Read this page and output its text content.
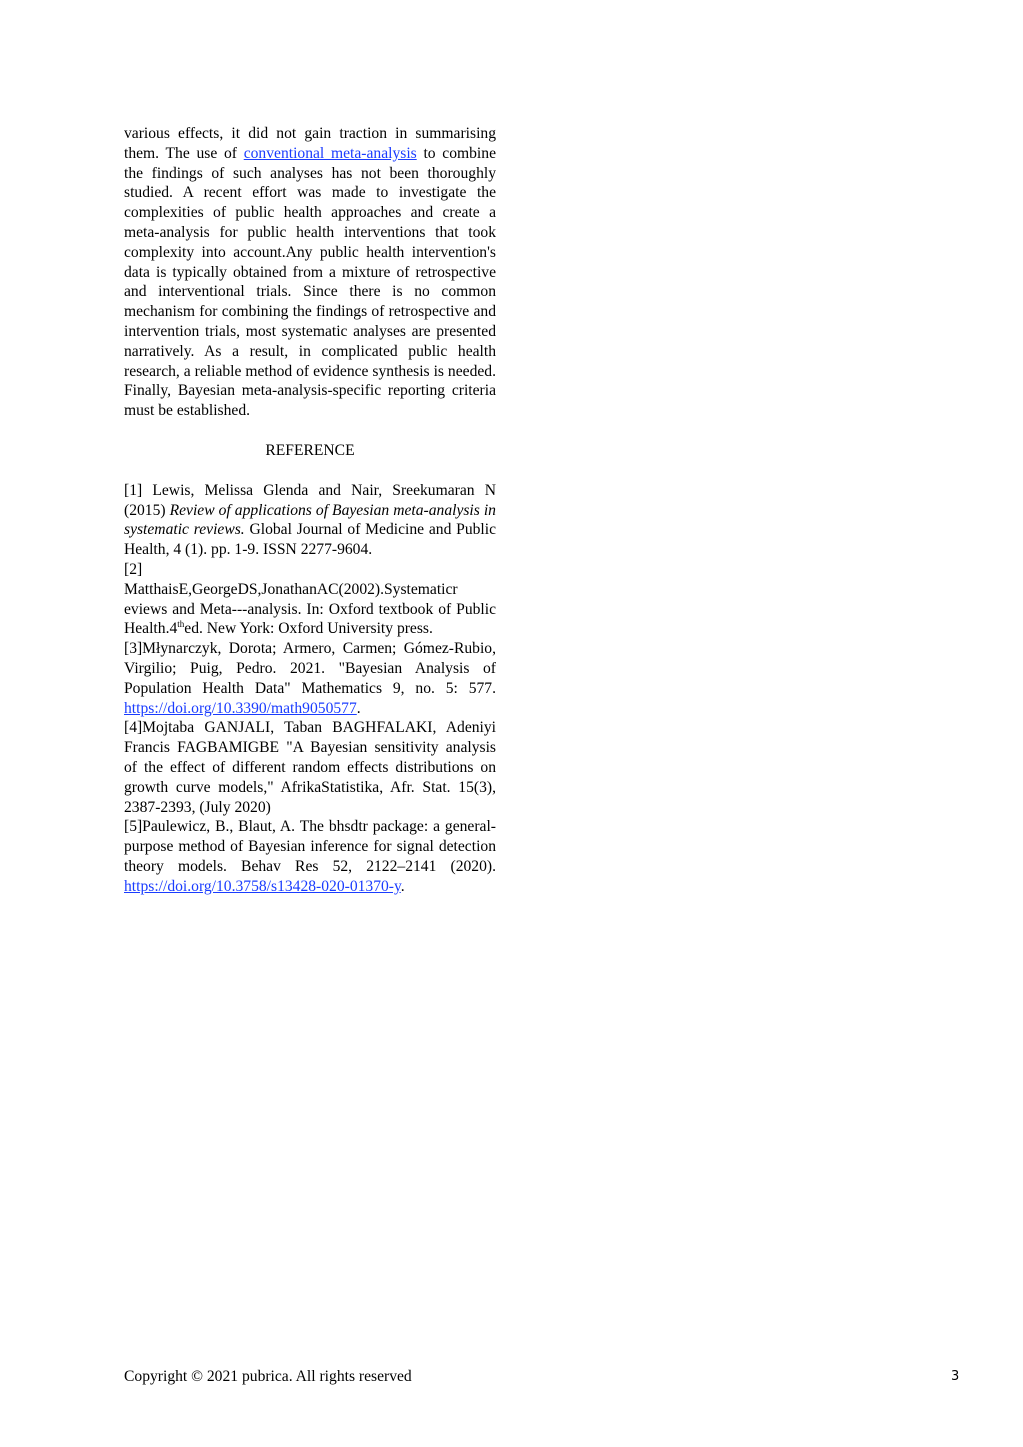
various effects, it did not gain traction in summarising them. The use of conventional meta-analysis to combine the findings of such analyses has not been thoroughly studied. A recent effort was made to investigate the complexities of public health approaches and create a meta-analysis for public health interventions that took complexity into account.Any public health intervention's data is typically obtained from a mixture of retrospective and interventional trials. Since there is no common mechanism for combining the findings of retrospective and intervention trials, most systematic analyses are presented narratively. As a result, in complicated public health research, a reliable method of evidence synthesis is needed. Finally, Bayesian meta-analysis-specific reporting criteria must be established.

REFERENCE

[1] Lewis, Melissa Glenda and Nair, Sreekumaran N (2015) Review of applications of Bayesian meta-analysis in systematic reviews. Global Journal of Medicine and Public Health, 4 (1). pp. 1-9. ISSN 2277-9604.

[2]

MatthaisE,GeorgeDS,JonathanAC(2002).Systematicr

eviews and Meta---analysis. In: Oxford textbook of Public Health.4thed. New York: Oxford University press.

[3]Młynarczyk, Dorota; Armero, Carmen; Gómez-Rubio, Virgilio; Puig, Pedro. 2021. "Bayesian Analysis of Population Health Data" Mathematics 9, no. 5: 577. https://doi.org/10.3390/math9050577.

[4]Mojtaba GANJALI, Taban BAGHFALAKI, Adeniyi Francis FAGBAMIGBE "A Bayesian sensitivity analysis of the effect of different random effects distributions on growth curve models," AfrikaStatistika, Afr. Stat. 15(3), 2387-2393, (July 2020)

[5]Paulewicz, B., Blaut, A. The bhsdtr package: a general-purpose method of Bayesian inference for signal detection theory models. Behav Res 52, 2122–2141 (2020). https://doi.org/10.3758/s13428-020-01370-y.

Copyright © 2021 pubrica. All rights reserved	3
